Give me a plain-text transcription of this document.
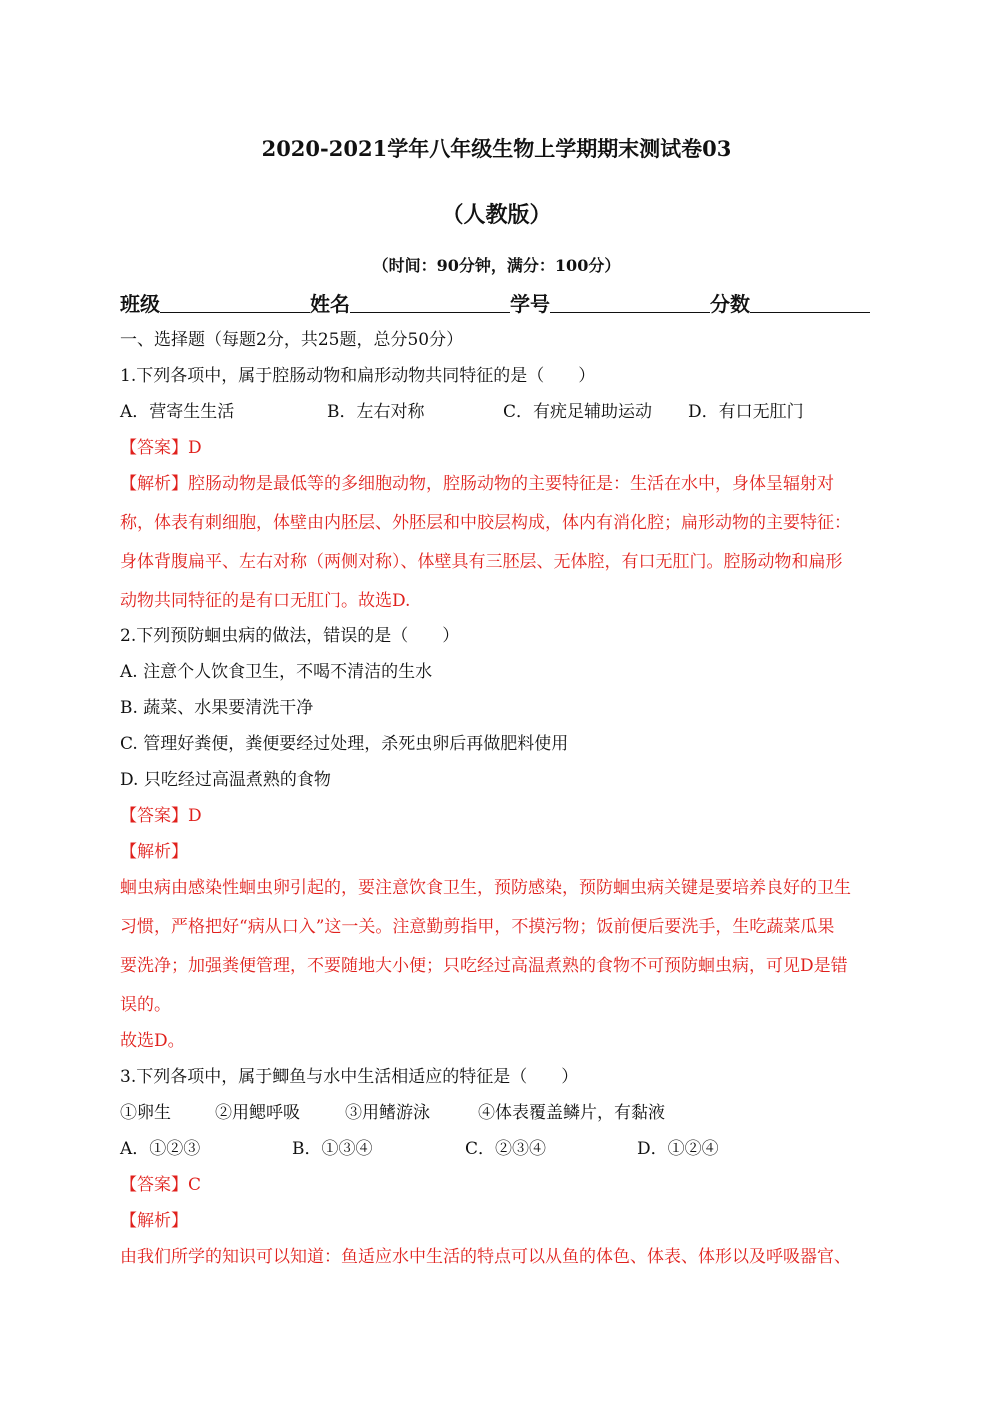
2020-2021学年八年级生物上学期期末测试卷03
（人教版）
（时间：90分钟，满分：100分）
班级	姓名	学号	分数
一、选择题（每题2分，共25题，总分50分）
1.下列各项中，属于腔肠动物和扁形动物共同特征的是（　　）
A．营寄生生活	B．左右对称	C．有疣足辅助运动 D．有口无肛门
【答案】D
【解析】腔肠动物是最低等的多细胞动物，腔肠动物的主要特征是：生活在水中，身体呈辐射对
称，体表有刺细胞，体壁由内胚层、外胚层和中胶层构成，体内有消化腔；扁形动物的主要特征：
身体背腹扁平、左右对称（两侧对称）、体壁具有三胚层、无体腔，有口无肛门。腔肠动物和扁形
动物共同特征的是有口无肛门。故选D.
2.下列预防蛔虫病的做法，错误的是（　　）
A. 注意个人饮食卫生，不喝不清洁的生水
B. 蔬菜、水果要清洗干净
C. 管理好粪便，粪便要经过处理，杀死虫卵后再做肥料使用
D. 只吃经过高温煮熟的食物
【答案】D
【解析】
蛔虫病由感染性蛔虫卵引起的，要注意饮食卫生，预防感染，预防蛔虫病关键是要培养良好的卫生
习惯，严格把好“病从口入”这一关。注意勤剪指甲，不摸污物；饭前便后要洗手，生吃蔬菜瓜果
要洗净；加强粪便管理，不要随地大小便；只吃经过高温煮熟的食物不可预防蛔虫病，可见D是错
误的。
故选D。
3.下列各项中，属于鲫鱼与水中生活相适应的特征是（　　）
①卵生	②用鳃呼吸	③用鳍游泳	④体表覆盖鳞片，有黏液
A．①②③	B．①③④	C．②③④	D．①②④
【答案】C
【解析】
由我们所学的知识可以知道：鱼适应水中生活的特点可以从鱼的体色、体表、体形以及呼吸器官、
